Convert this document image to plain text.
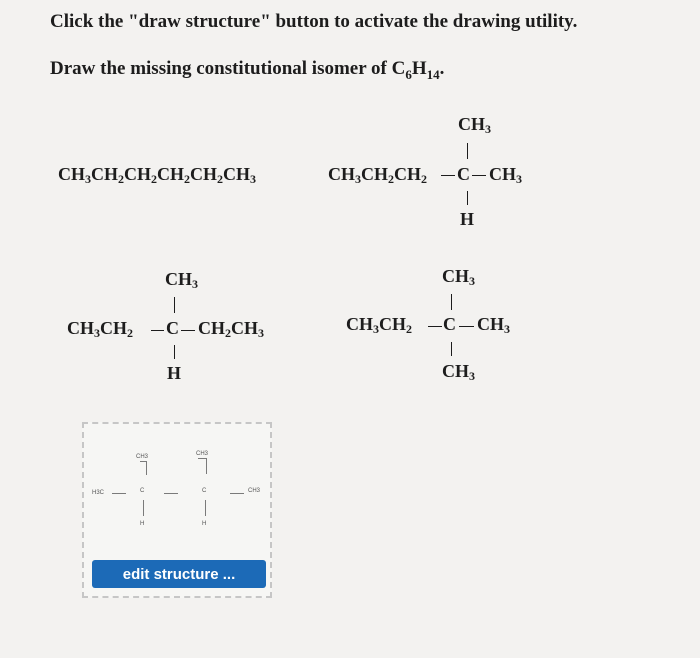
Click the "draw structure" button to activate the drawing utility.

Draw the missing constitutional isomer of $C_6H_{14}$.

$CH_3CH_2CH_2CH_2CH_2CH_3$
$CH_3$
$CH_3CH_2CH_2$ C $CH_3$
H
$CH_3$
$CH_3CH_2$ C $CH_2CH_3$
H
$CH_3$
$CH_3CH_2$ C $CH_3$
$CH_3$
H3C	C
CH3
H
C
CH3
H
CH3
edit structure ...
